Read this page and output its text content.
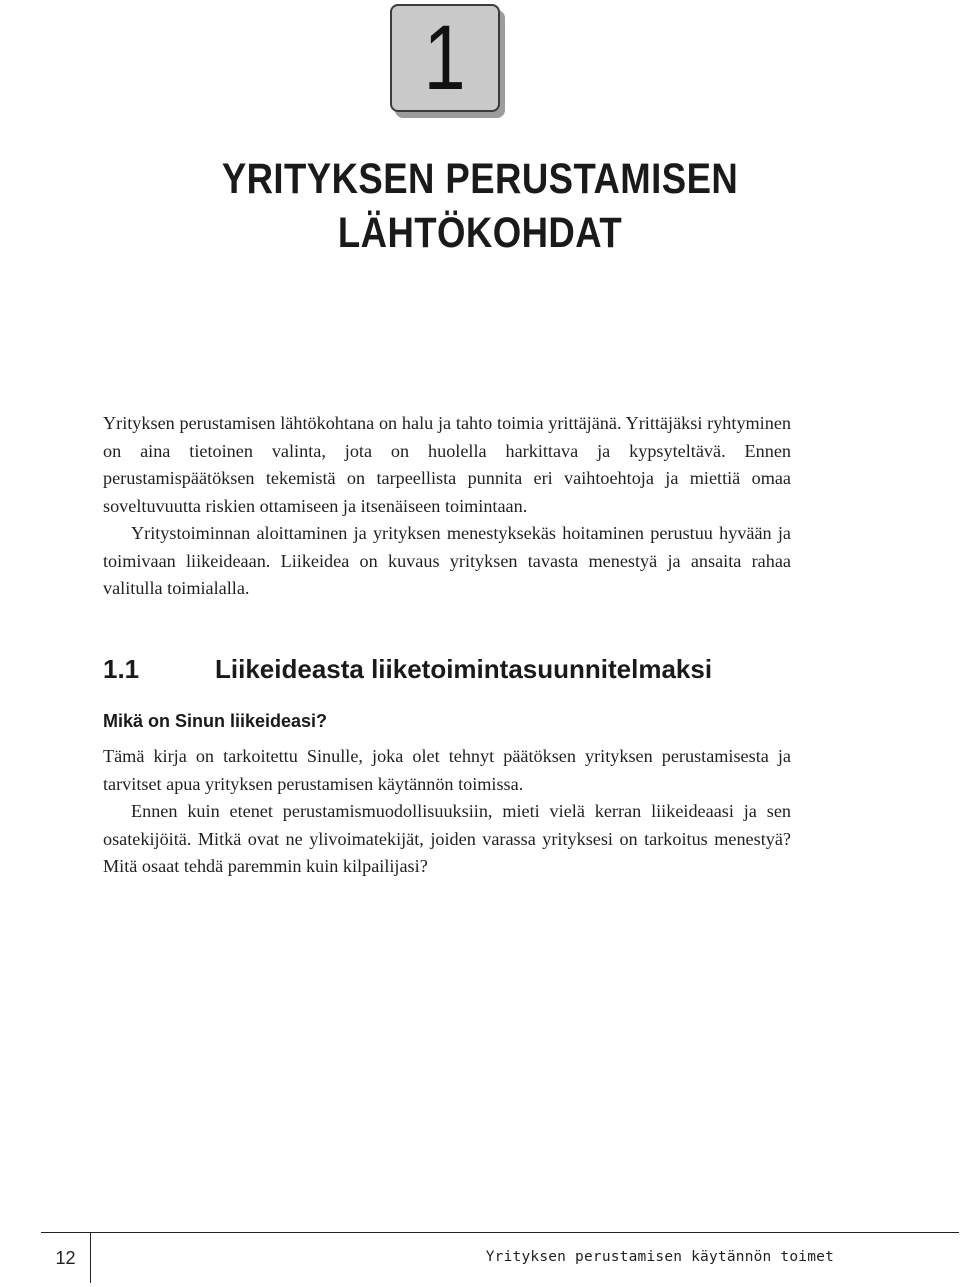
1
YRITYKSEN PERUSTAMISEN
LÄHTÖKOHDAT

Yrityksen perustamisen lähtökohtana on halu ja tahto toimia yrittäjänä. Yrittäjäksi ryhtyminen on aina tietoinen valinta, jota on huolella harkittava ja kypsyteltävä. Ennen perustamispäätöksen tekemistä on tarpeellista punnita eri vaihtoehtoja ja miettiä omaa soveltuvuutta riskien ottamiseen ja itsenäiseen toimintaan.

Yritystoiminnan aloittaminen ja yrityksen menestyksekäs hoitaminen perustuu hyvään ja toimivaan liikeideaan. Liikeidea on kuvaus yrityksen tavasta menestyä ja ansaita rahaa valitulla toimialalla.

1.1	Liikeideasta liiketoimintasuunnitelmaksi
Mikä on Sinun liikeideasi?

Tämä kirja on tarkoitettu Sinulle, joka olet tehnyt päätöksen yrityksen perustamisesta ja tarvitset apua yrityksen perustamisen käytännön toimissa.

Ennen kuin etenet perustamismuodollisuuksiin, mieti vielä kerran liikeideaasi ja sen osatekijöitä. Mitkä ovat ne ylivoimatekijät, joiden varassa yrityksesi on tarkoitus menestyä? Mitä osaat tehdä paremmin kuin kilpailijasi?

12	Yrityksen perustamisen käytännön toimet
